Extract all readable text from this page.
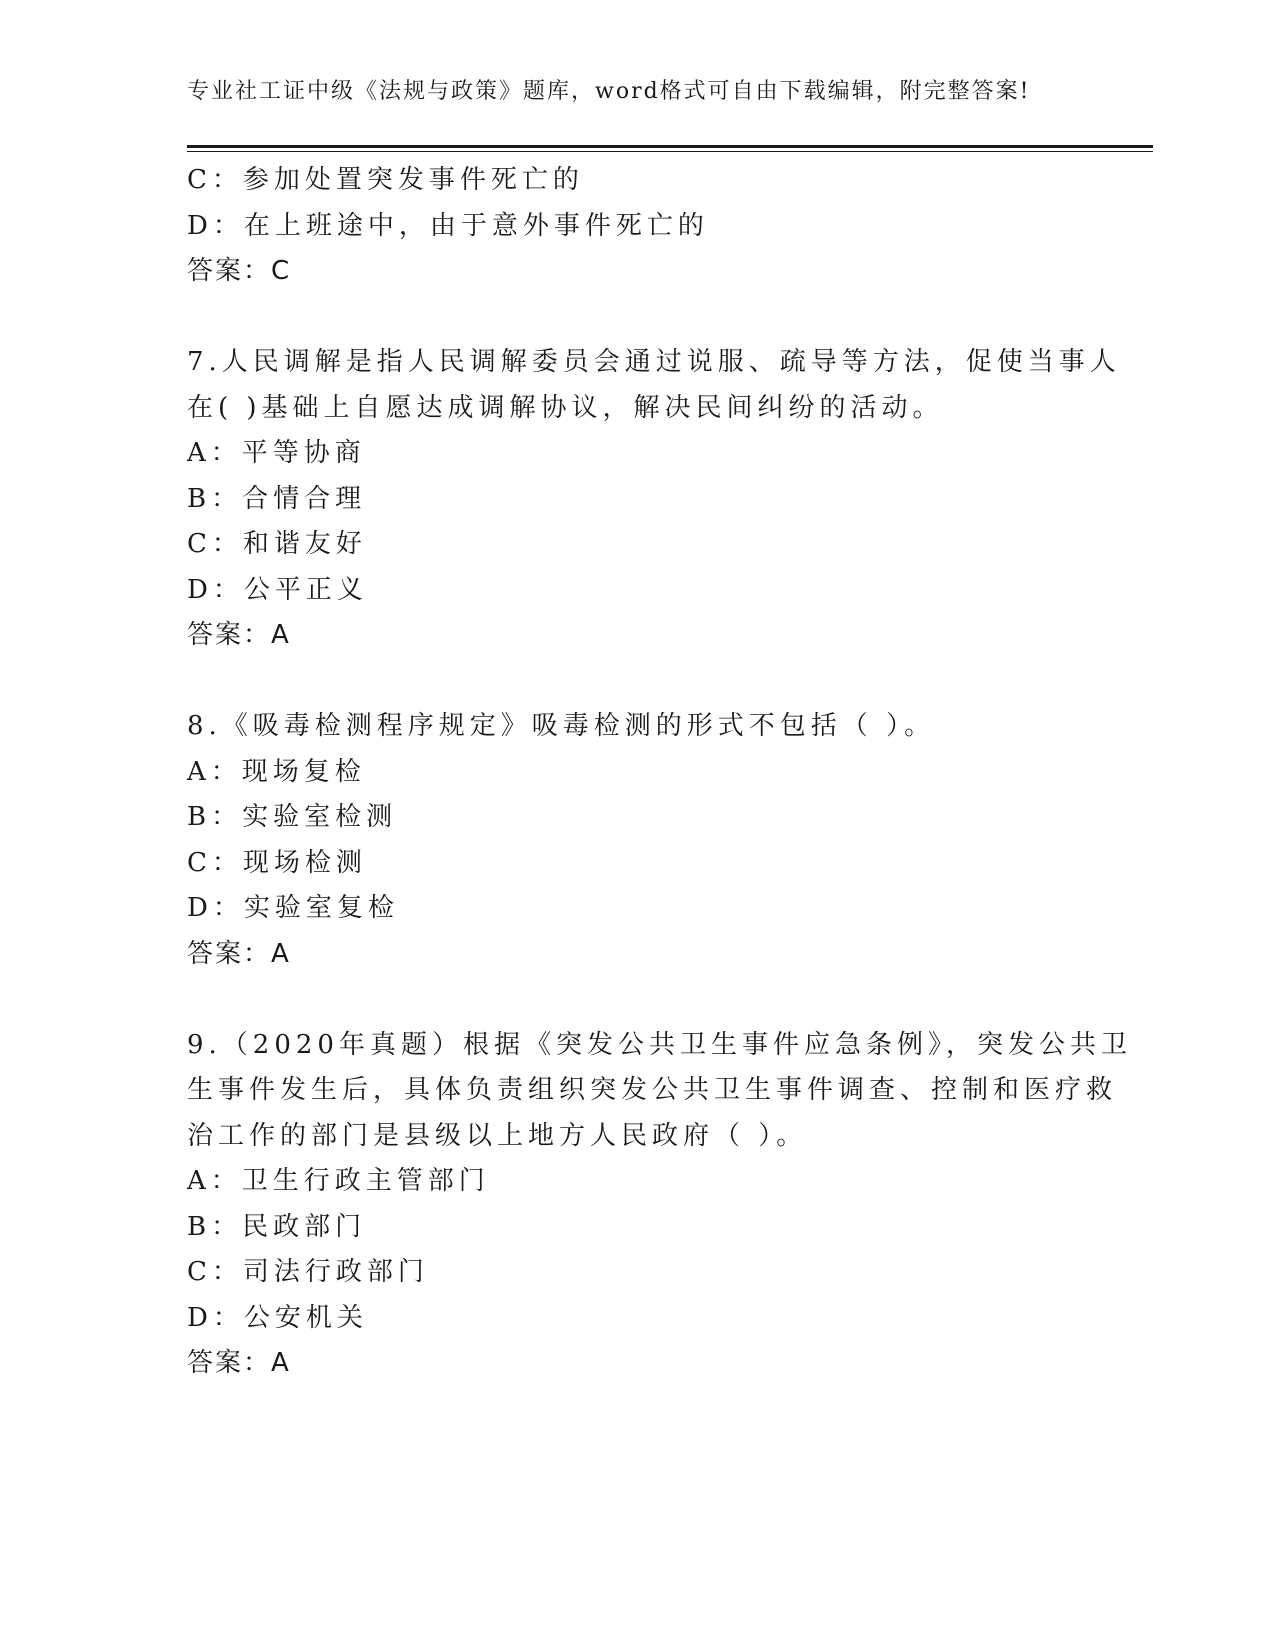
专业社工证中级《法规与政策》题库，word格式可自由下载编辑，附完整答案!
C：参加处置突发事件死亡的
D：在上班途中，由于意外事件死亡的
答案：C
7.人民调解是指人民调解委员会通过说服、疏导等方法，促使当事人
在( )基础上自愿达成调解协议，解决民间纠纷的活动。
A：平等协商
B：合情合理
C：和谐友好
D：公平正义
答案：A
8.《吸毒检测程序规定》吸毒检测的形式不包括（ ）。
A：现场复检
B：实验室检测
C：现场检测
D：实验室复检
答案：A
9.（2020年真题）根据《突发公共卫生事件应急条例》，突发公共卫
生事件发生后，具体负责组织突发公共卫生事件调查、控制和医疗救
治工作的部门是县级以上地方人民政府（ ）。
A：卫生行政主管部门
B：民政部门
C：司法行政部门
D：公安机关
答案：A
